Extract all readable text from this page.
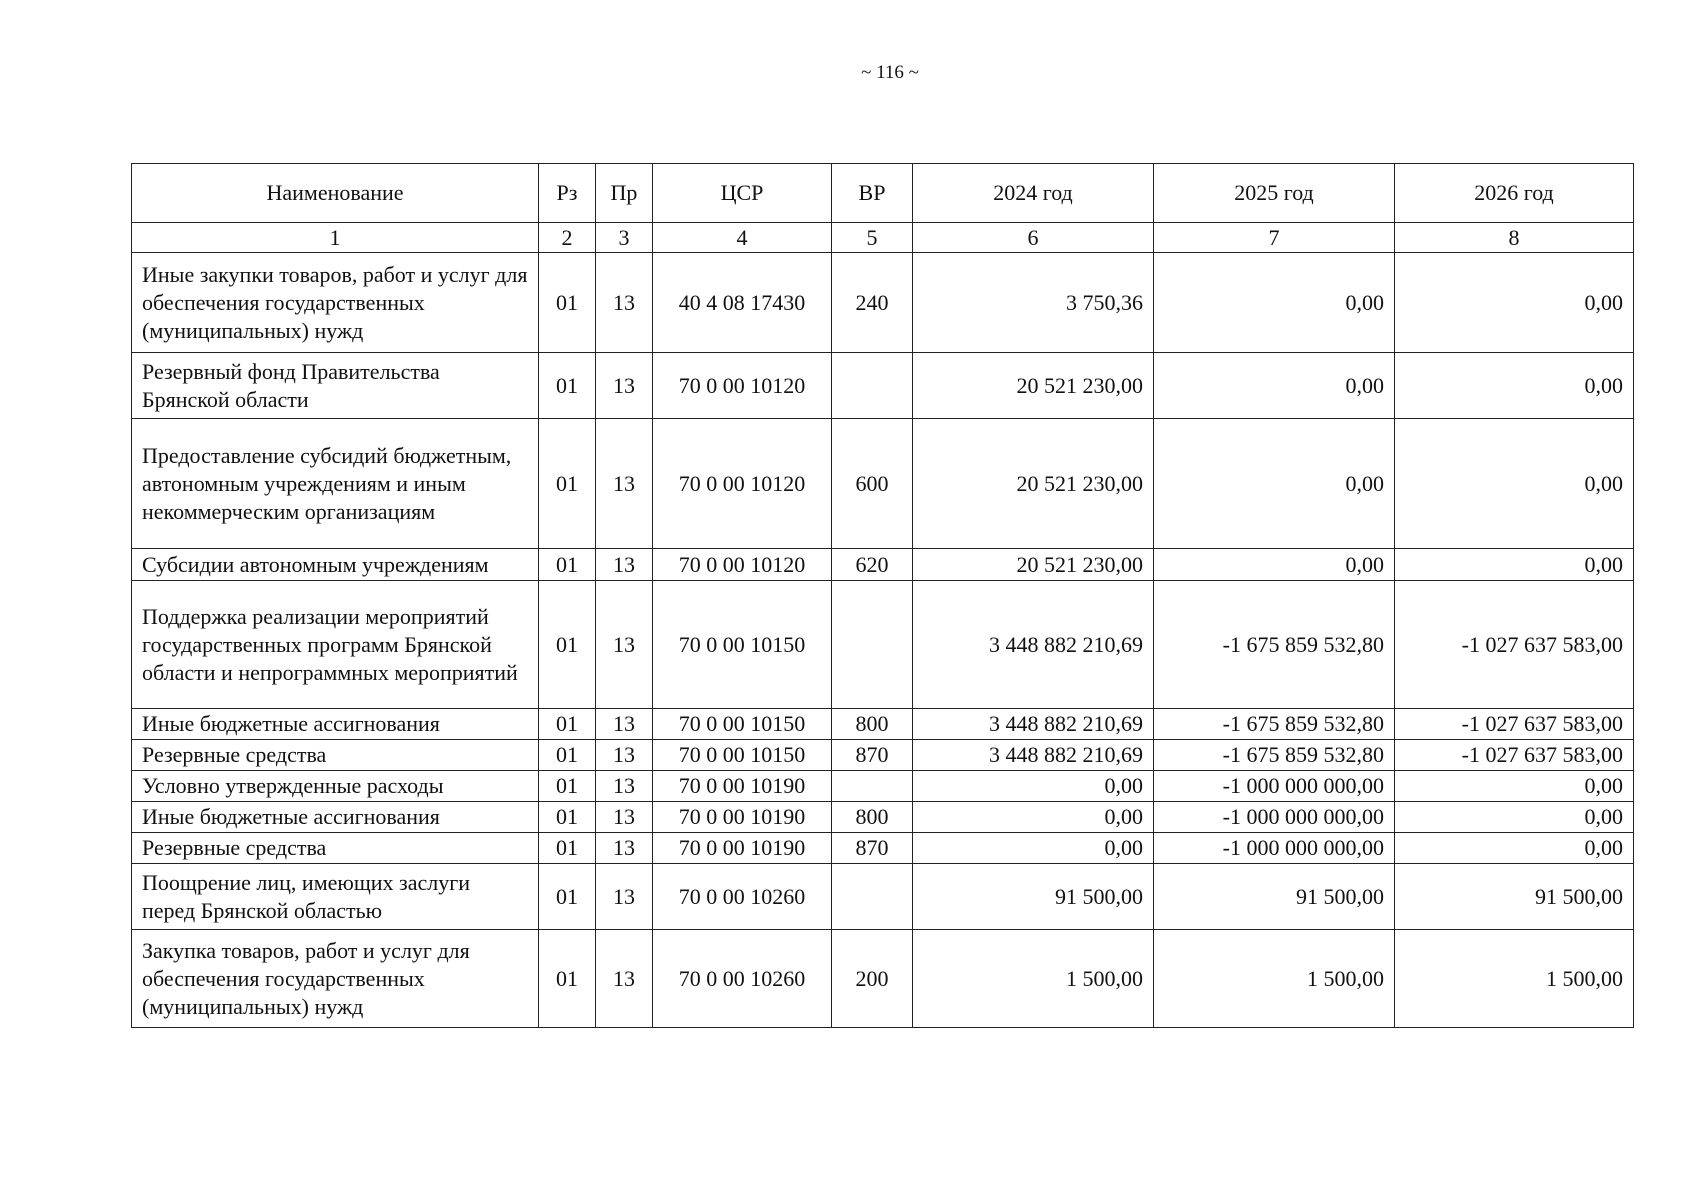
~ 116 ~
Наименование	Рз	Пр	ЦСР	ВР	2024 год	2025 год	2026 год
1	2	3	4	5	6	7	8
Иные закупки товаров, работ и услуг для обеспечения государственных (муниципальных) нужд	01	13	40 4 08 17430	240	3 750,36	0,00	0,00
Резервный фонд Правительства Брянской области	01	13	70 0 00 10120		20 521 230,00	0,00	0,00
Предоставление субсидий бюджетным, автономным учреждениям и иным некоммерческим организациям	01	13	70 0 00 10120	600	20 521 230,00	0,00	0,00
Субсидии автономным учреждениям	01	13	70 0 00 10120	620	20 521 230,00	0,00	0,00
Поддержка реализации мероприятий государственных программ Брянской области и непрограммных мероприятий	01	13	70 0 00 10150		3 448 882 210,69	-1 675 859 532,80	-1 027 637 583,00
Иные бюджетные ассигнования	01	13	70 0 00 10150	800	3 448 882 210,69	-1 675 859 532,80	-1 027 637 583,00
Резервные средства	01	13	70 0 00 10150	870	3 448 882 210,69	-1 675 859 532,80	-1 027 637 583,00
Условно утвержденные расходы	01	13	70 0 00 10190		0,00	-1 000 000 000,00	0,00
Иные бюджетные ассигнования	01	13	70 0 00 10190	800	0,00	-1 000 000 000,00	0,00
Резервные средства	01	13	70 0 00 10190	870	0,00	-1 000 000 000,00	0,00
Поощрение лиц, имеющих заслуги перед Брянской областью	01	13	70 0 00 10260		91 500,00	91 500,00	91 500,00
Закупка товаров, работ и услуг для обеспечения государственных (муниципальных) нужд	01	13	70 0 00 10260	200	1 500,00	1 500,00	1 500,00
